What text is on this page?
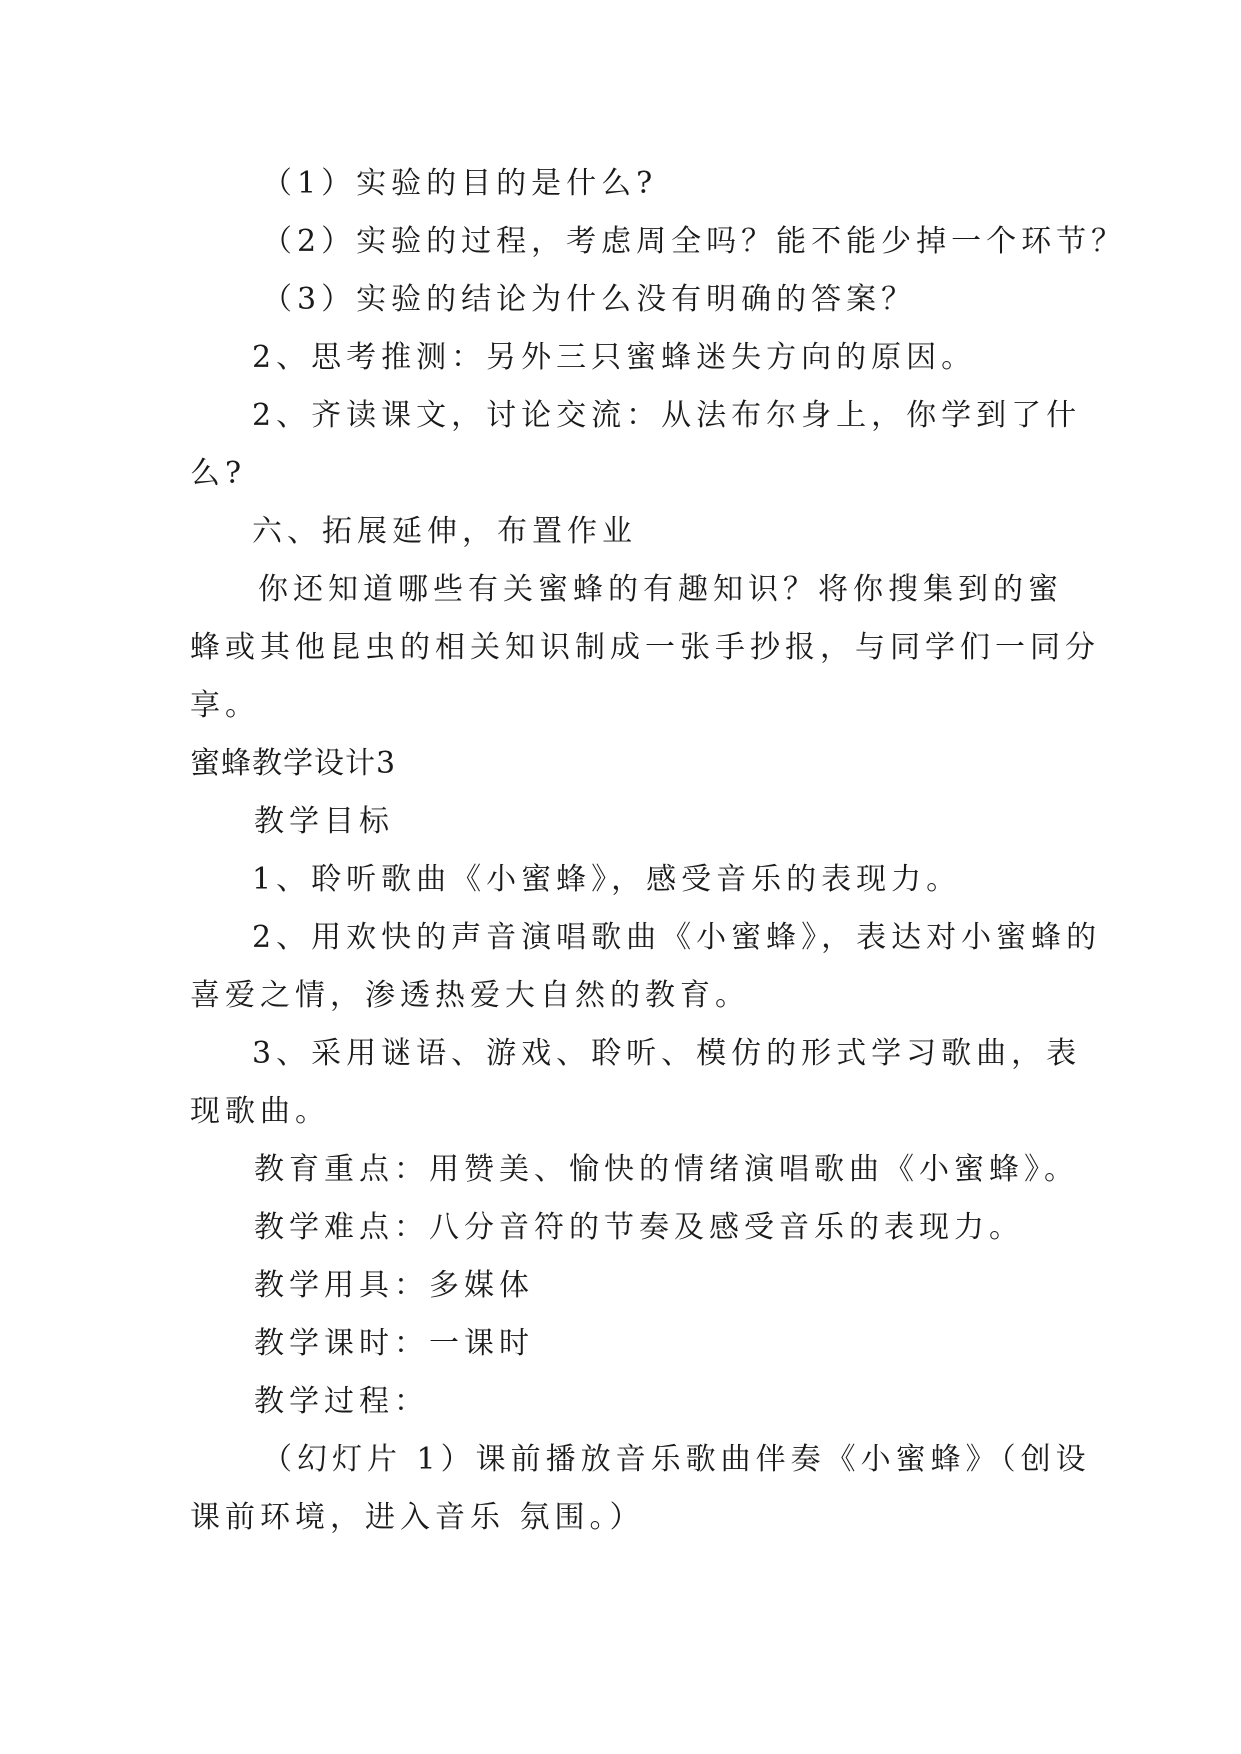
（1）实验的目的是什么?
（2）实验的过程，考虑周全吗？能不能少掉一个环节？
（3）实验的结论为什么没有明确的答案？
2、思考推测：另外三只蜜蜂迷失方向的原因。
2、齐读课文，讨论交流：从法布尔身上，你学到了什
么?
六、拓展延伸，布置作业
你还知道哪些有关蜜蜂的有趣知识？将你搜集到的蜜
蜂或其他昆虫的相关知识制成一张手抄报，与同学们一同分
享。
蜜蜂教学设计3
教学目标
1、聆听歌曲《小蜜蜂》，感受音乐的表现力。
2、用欢快的声音演唱歌曲《小蜜蜂》，表达对小蜜蜂的
喜爱之情，渗透热爱大自然的教育。
3、采用谜语、游戏、聆听、模仿的形式学习歌曲，表
现歌曲。
教育重点：用赞美、愉快的情绪演唱歌曲《小蜜蜂》。
教学难点：八分音符的节奏及感受音乐的表现力。
教学用具：多媒体
教学课时：一课时
教学过程：
（幻灯片 1）课前播放音乐歌曲伴奏《小蜜蜂》（创设
课前环境，进入音乐 氛围。）
